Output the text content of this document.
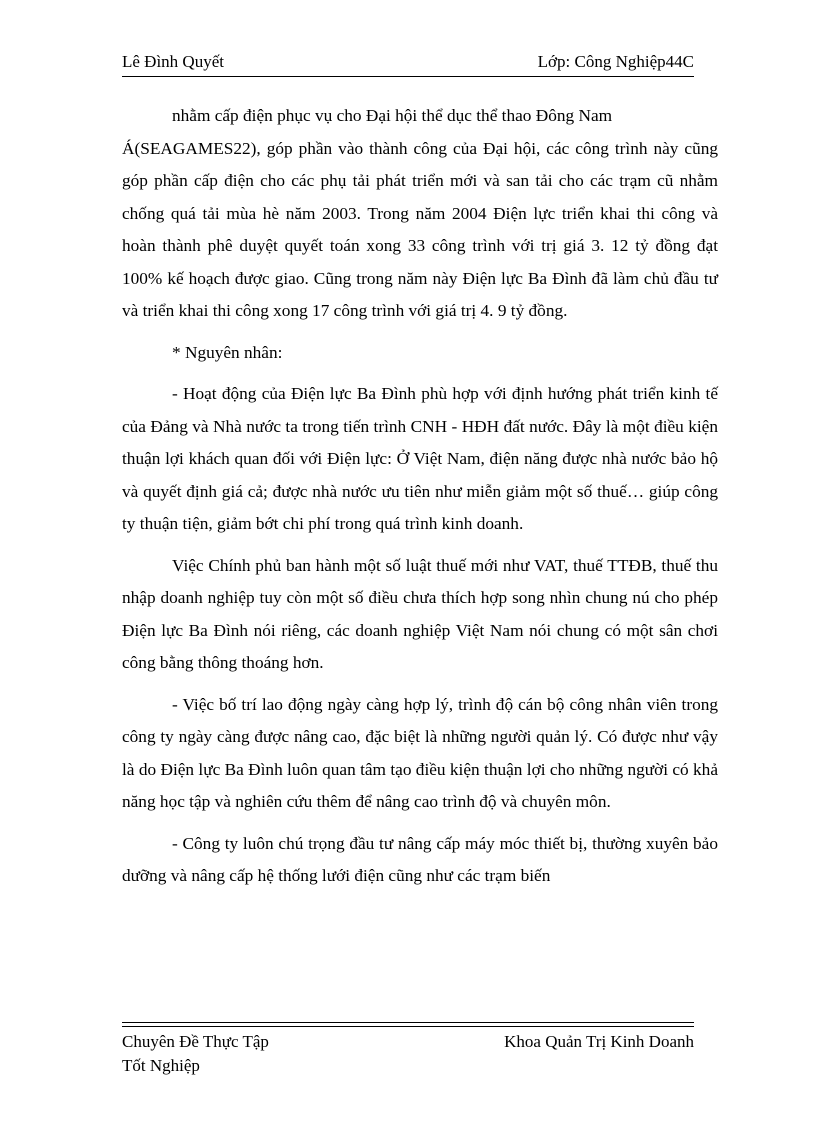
Lê Đình Quyết	Lớp: Công Nghiệp44C

nhằm cấp điện phục vụ cho Đại hội thể dục thể thao Đông Nam
Á(SEAGAMES22), góp phần vào thành công của Đại hội, các công trình này cũng góp phần cấp điện cho các phụ tải phát triển mới và san tải cho các trạm cũ nhằm chống quá tải mùa hè năm 2003. Trong năm 2004 Điện lực triển khai thi công và hoàn thành phê duyệt quyết toán xong 33 công trình với trị giá 3. 12 tỷ đồng đạt 100% kế hoạch được giao. Cũng trong năm này Điện lực Ba Đình đã làm chủ đầu tư và triển khai thi công xong 17 công trình với giá trị 4. 9 tỷ đồng.

* Nguyên nhân:

- Hoạt động của Điện lực Ba Đình phù hợp với định hướng phát triển kinh tế của Đảng và Nhà nước ta trong tiến trình CNH - HĐH đất nước. Đây là một điều kiện thuận lợi khách quan đối với Điện lực: Ở Việt Nam, điện năng được nhà nước bảo hộ và quyết định giá cả; được nhà nước ưu tiên như miễn giảm một số thuế… giúp công ty thuận tiện, giảm bớt chi phí trong quá trình kinh doanh.

Việc Chính phủ ban hành một số luật thuế mới như VAT, thuế TTĐB, thuế thu nhập doanh nghiệp tuy còn một số điều chưa thích hợp song nhìn chung nú cho phép Điện lực Ba Đình nói riêng, các doanh nghiệp Việt Nam nói chung có một sân chơi công bằng thông thoáng hơn.

- Việc bố trí lao động ngày càng hợp lý, trình độ cán bộ công nhân viên trong công ty ngày càng được nâng cao, đặc biệt là những người quản lý. Có được như vậy là do Điện lực Ba Đình luôn quan tâm tạo điều kiện thuận lợi cho những người có khả năng học tập và nghiên cứu thêm để nâng cao trình độ và chuyên môn.

- Công ty luôn chú trọng đầu tư nâng cấp máy móc thiết bị, thường xuyên bảo dưỡng và nâng cấp hệ thống lưới điện cũng như các trạm biến

Chuyên Đề Thực Tập
Tốt Nghiệp
Khoa Quản Trị Kinh Doanh
